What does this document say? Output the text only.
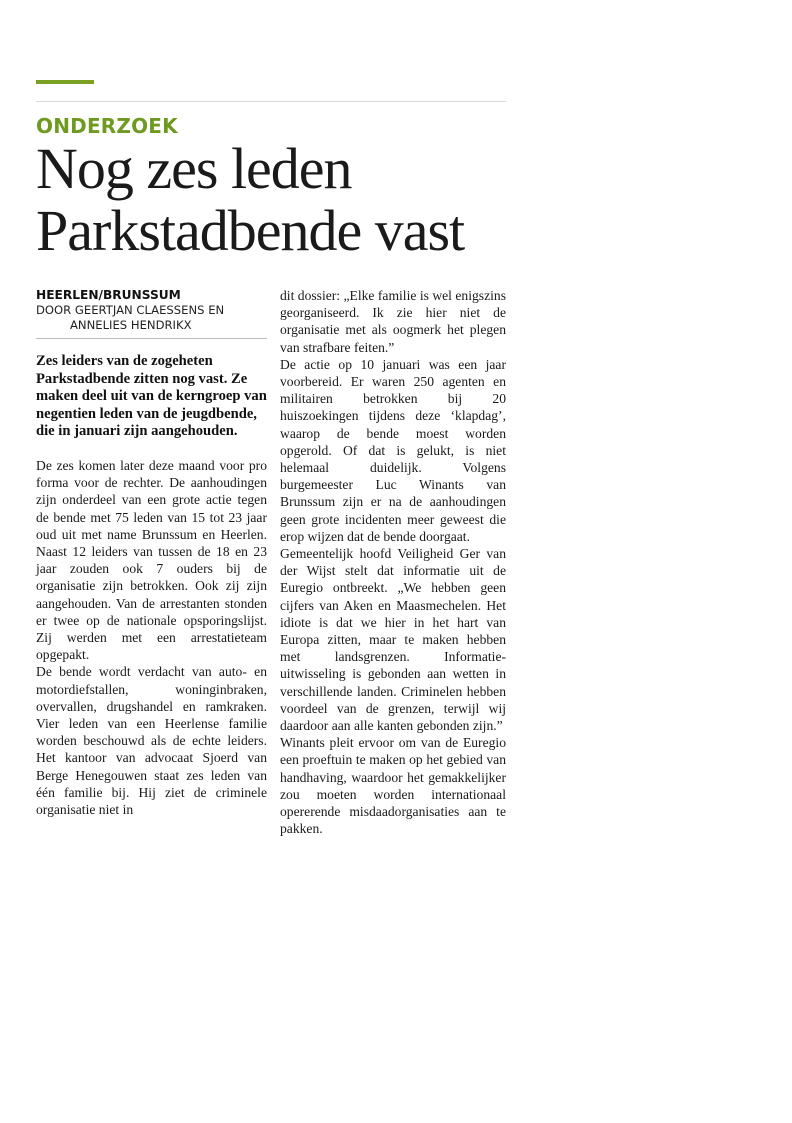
ONDERZOEK
Nog zes leden Parkstadbende vast
HEERLEN/BRUNSSUM
DOOR GEERTJAN CLAESSENS EN
ANNELIES HENDRIKX

Zes leiders van de zogeheten Parkstadbende zitten nog vast. Ze maken deel uit van de kerngroep van negentien leden van de jeugdbende, die in januari zijn aangehouden.

De zes komen later deze maand voor pro forma voor de rechter. De aanhoudingen zijn onderdeel van een grote actie tegen de bende met 75 leden van 15 tot 23 jaar oud uit met name Brunssum en Heerlen. Naast 12 leiders van tussen de 18 en 23 jaar zouden ook 7 ouders bij de organisatie zijn betrokken. Ook zij zijn aangehouden. Van de arrestanten stonden er twee op de nationale opsporingslijst. Zij werden met een arrestatieteam opgepakt.

De bende wordt verdacht van auto- en motordiefstallen, woninginbraken, overvallen, drugshandel en ramkraken. Vier leden van een Heerlense familie worden beschouwd als de echte leiders. Het kantoor van advocaat Sjoerd van Berge Henegouwen staat zes leden van één familie bij. Hij ziet de criminele organisatie niet in

dit dossier: „Elke familie is wel enigszins georganiseerd. Ik zie hier niet de organisatie met als oogmerk het plegen van strafbare feiten.”

De actie op 10 januari was een jaar voorbereid. Er waren 250 agenten en militairen betrokken bij 20 huiszoekingen tijdens deze ‘klapdag’, waarop de bende moest worden opgerold. Of dat is gelukt, is niet helemaal duidelijk. Volgens burgemeester Luc Winants van Brunssum zijn er na de aanhoudingen geen grote incidenten meer geweest die erop wijzen dat de bende doorgaat.

Gemeentelijk hoofd Veiligheid Ger van der Wijst stelt dat informatie uit de Euregio ontbreekt. „We hebben geen cijfers van Aken en Maasmechelen. Het idiote is dat we hier in het hart van Europa zitten, maar te maken hebben met landsgrenzen. Informatie-uitwisseling is gebonden aan wetten in verschillende landen. Criminelen hebben voordeel van de grenzen, terwijl wij daardoor aan alle kanten gebonden zijn.”

Winants pleit ervoor om van de Euregio een proeftuin te maken op het gebied van handhaving, waardoor het gemakkelijker zou moeten worden internationaal opererende misdaadorganisaties aan te pakken.
